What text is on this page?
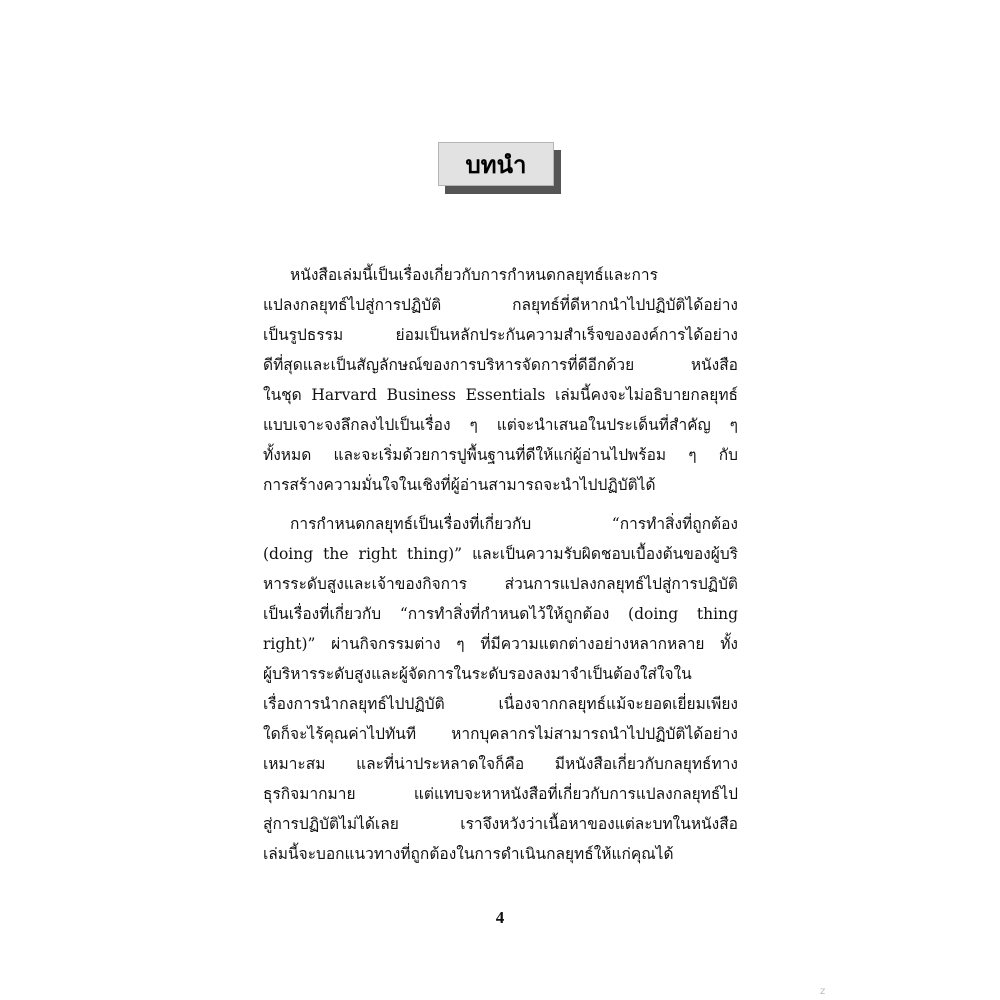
บทนำ
หนังสือเล่มนี้เป็นเรื่องเกี่ยวกับการกำหนดกลยุทธ์และการ
แปลงกลยุทธ์ไปสู่การปฏิบัติ กลยุทธ์ที่ดีหากนำไปปฏิบัติได้อย่าง
เป็นรูปธรรม ย่อมเป็นหลักประกันความสำเร็จขององค์การได้อย่าง
ดีที่สุดและเป็นสัญลักษณ์ของการบริหารจัดการที่ดีอีกด้วย หนังสือ
ในชุด Harvard Business Essentials เล่มนี้คงจะไม่อธิบายกลยุทธ์
แบบเจาะจงลึกลงไปเป็นเรื่อง ๆ แต่จะนำเสนอในประเด็นที่สำคัญ ๆ
ทั้งหมด และจะเริ่มด้วยการปูพื้นฐานที่ดีให้แก่ผู้อ่านไปพร้อม ๆ กับ
การสร้างความมั่นใจในเชิงที่ผู้อ่านสามารถจะนำไปปฏิบัติได้
การกำหนดกลยุทธ์เป็นเรื่องที่เกี่ยวกับ “การทำสิ่งที่ถูกต้อง
(doing the right thing)” และเป็นความรับผิดชอบเบื้องต้นของผู้บริ
หารระดับสูงและเจ้าของกิจการ ส่วนการแปลงกลยุทธ์ไปสู่การปฏิบัติ
เป็นเรื่องที่เกี่ยวกับ “การทำสิ่งที่กำหนดไว้ให้ถูกต้อง (doing thing
right)” ผ่านกิจกรรมต่าง ๆ ที่มีความแตกต่างอย่างหลากหลาย ทั้ง
ผู้บริหารระดับสูงและผู้จัดการในระดับรองลงมาจำเป็นต้องใส่ใจใน
เรื่องการนำกลยุทธ์ไปปฏิบัติ เนื่องจากกลยุทธ์แม้จะยอดเยี่ยมเพียง
ใดก็จะไร้คุณค่าไปทันที หากบุคลากรไม่สามารถนำไปปฏิบัติได้อย่าง
เหมาะสม และที่น่าประหลาดใจก็คือ มีหนังสือเกี่ยวกับกลยุทธ์ทาง
ธุรกิจมากมาย แต่แทบจะหาหนังสือที่เกี่ยวกับการแปลงกลยุทธ์ไป
สู่การปฏิบัติไม่ได้เลย เราจึงหวังว่าเนื้อหาของแต่ละบทในหนังสือ
เล่มนี้จะบอกแนวทางที่ถูกต้องในการดำเนินกลยุทธ์ให้แก่คุณได้
4
z
